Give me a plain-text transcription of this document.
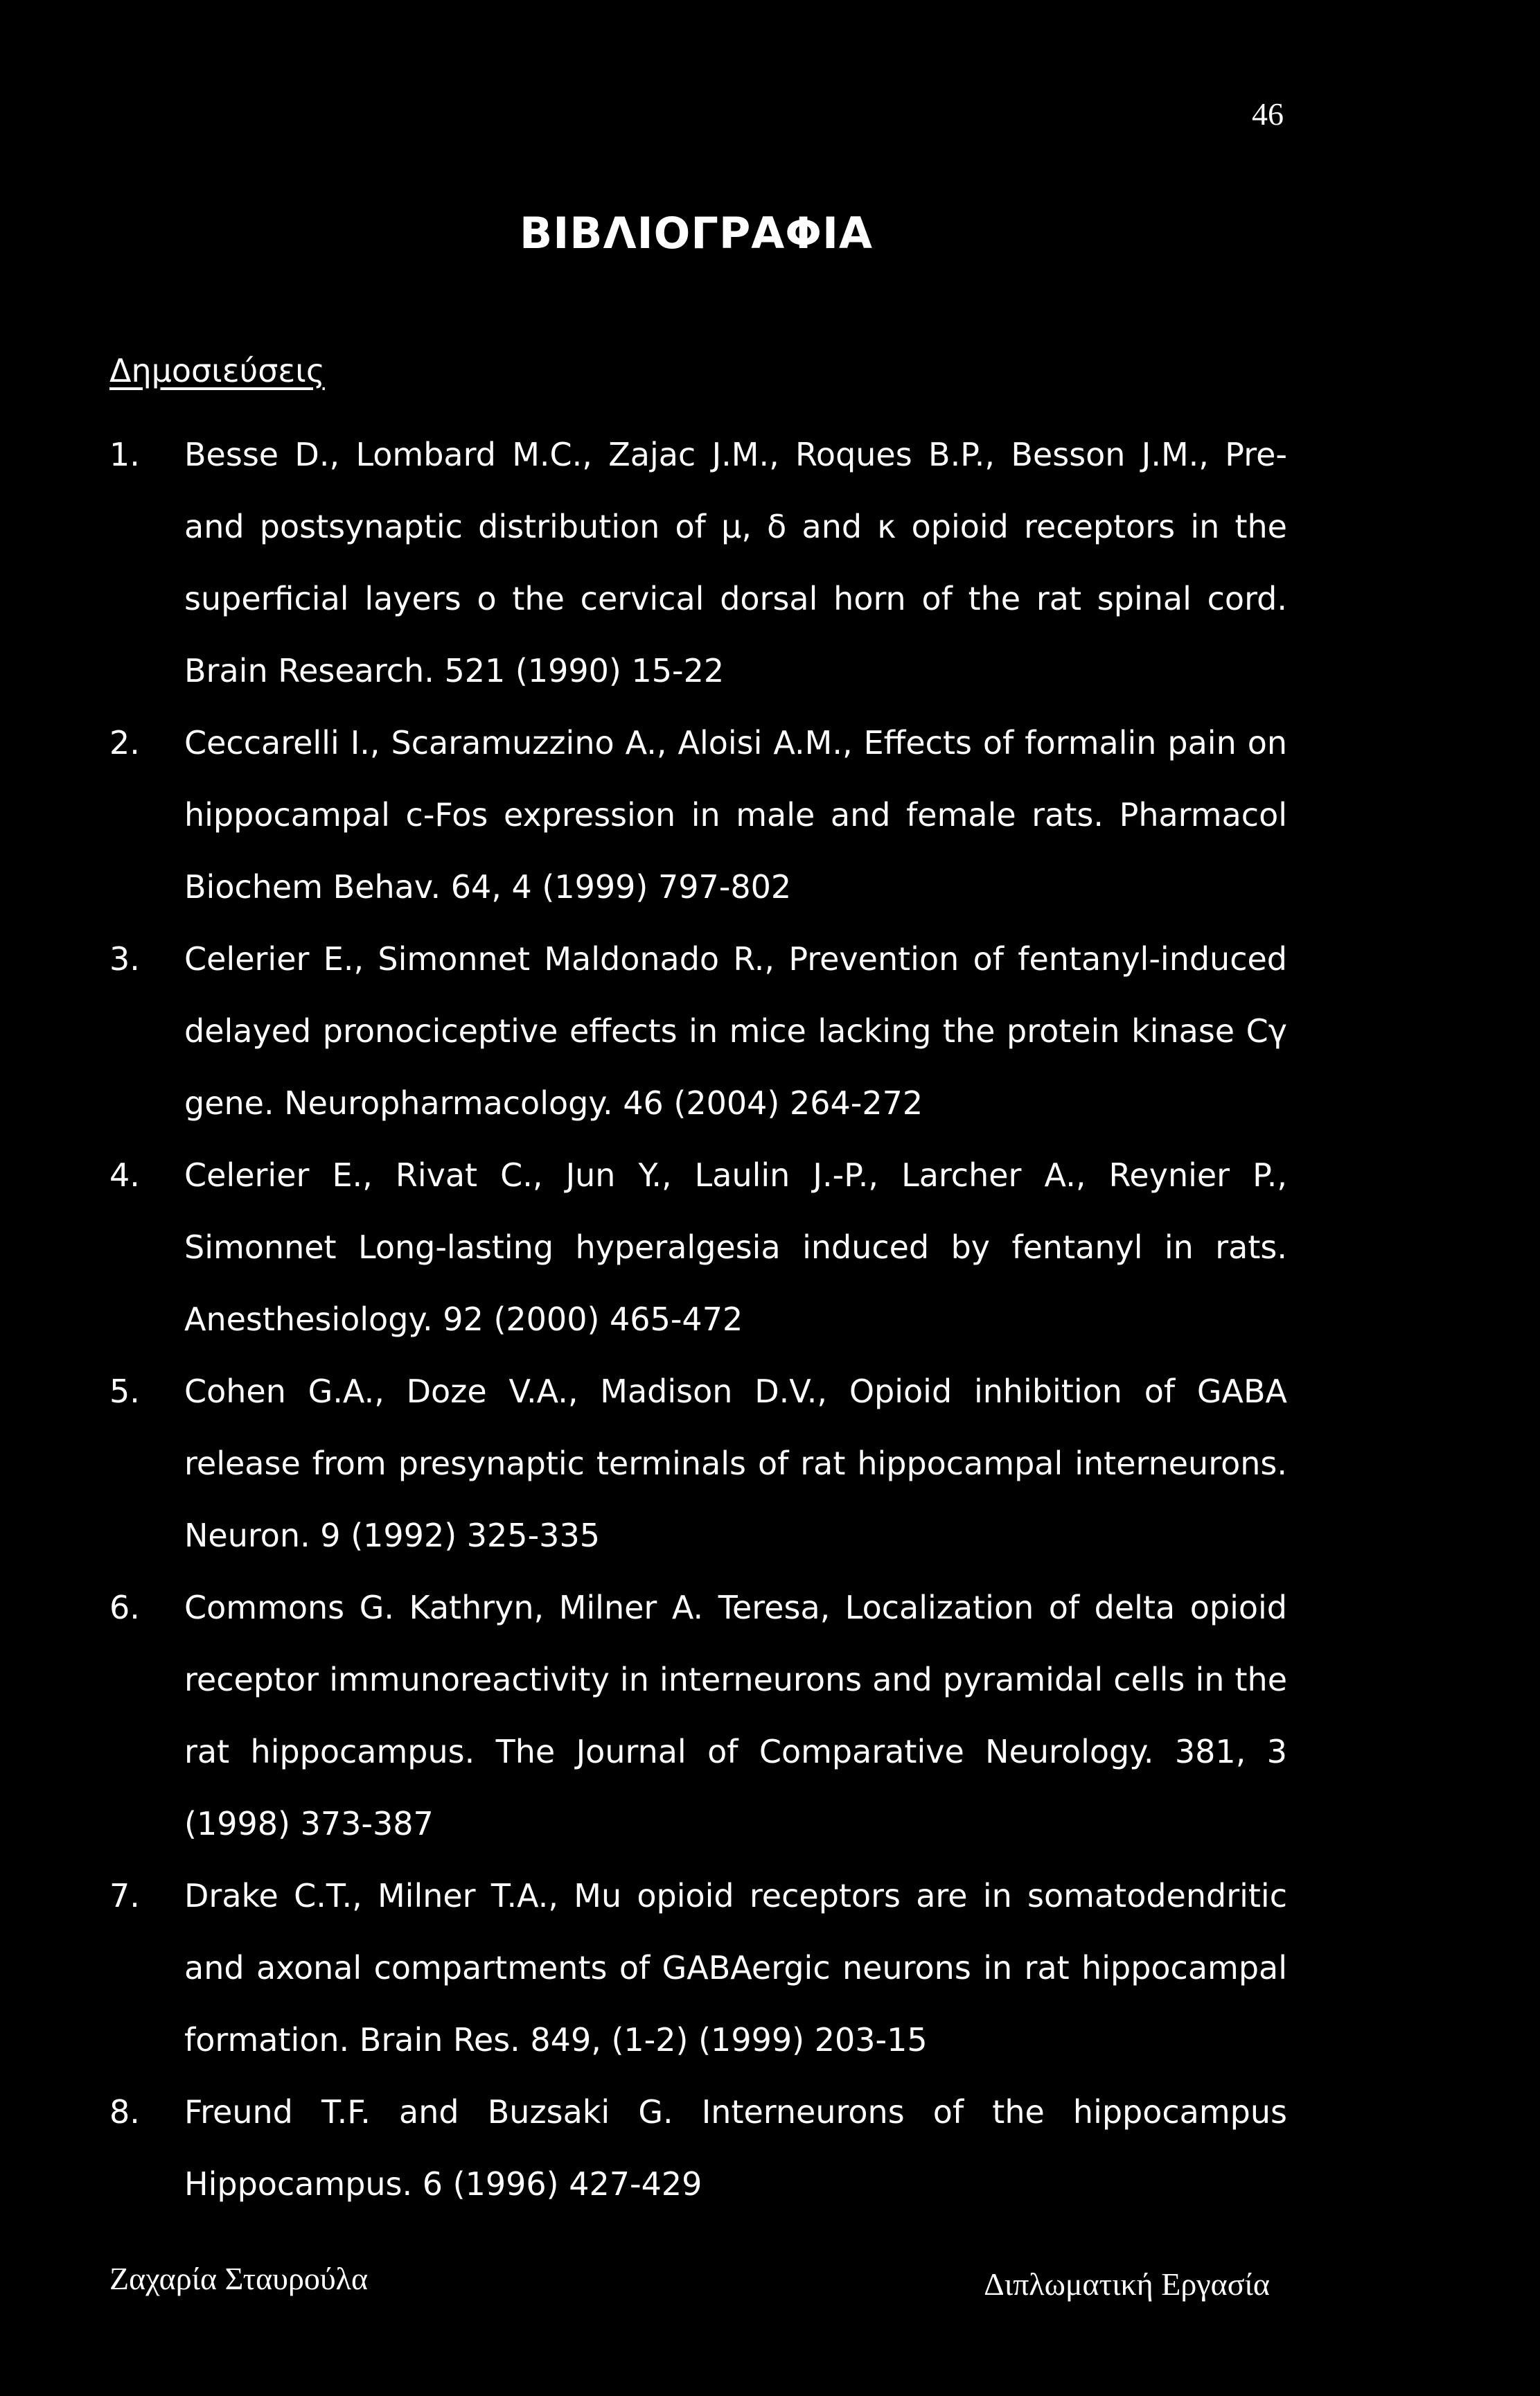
46
ΒΙΒΛΙΟΓΡΑΦΙΑ
Δημοσιεύσεις
1. Besse D., Lombard M.C., Zajac J.M., Roques B.P., Besson J.M., Pre- and postsynaptic distribution of μ, δ and κ opioid receptors in the superficial layers o the cervical dorsal horn of the rat spinal cord. Brain Research. 521 (1990) 15-22
2. Ceccarelli I., Scaramuzzino A., Aloisi A.M., Effects of formalin pain on hippocampal c-Fos expression in male and female rats. Pharmacol Biochem Behav. 64, 4 (1999) 797-802
3. Celerier E., Simonnet Maldonado R., Prevention of fentanyl-induced delayed pronociceptive effects in mice lacking the protein kinase Cγ gene. Neuropharmacology. 46 (2004) 264-272
4. Celerier E., Rivat C., Jun Y., Laulin J.-P., Larcher A., Reynier P., Simonnet Long-lasting hyperalgesia induced by fentanyl in rats. Anesthesiology. 92 (2000) 465-472
5. Cohen G.A., Doze V.A., Madison D.V., Opioid inhibition of GABA release from presynaptic terminals of rat hippocampal interneurons. Neuron. 9 (1992) 325-335
6. Commons G. Kathryn, Milner A. Teresa, Localization of delta opioid receptor immunoreactivity in interneurons and pyramidal cells in the rat hippocampus. The Journal of Comparative Neurology. 381, 3 (1998) 373-387
7. Drake C.T., Milner T.A., Mu opioid receptors are in somatodendritic and axonal compartments of GABAergic neurons in rat hippocampal formation. Brain Res. 849, (1-2) (1999) 203-15
8. Freund T.F. and Buzsaki G. Interneurons of the hippocampus Hippocampus. 6 (1996) 427-429
Ζαχαρία Σταυρούλα	Διπλωματική Εργασία
